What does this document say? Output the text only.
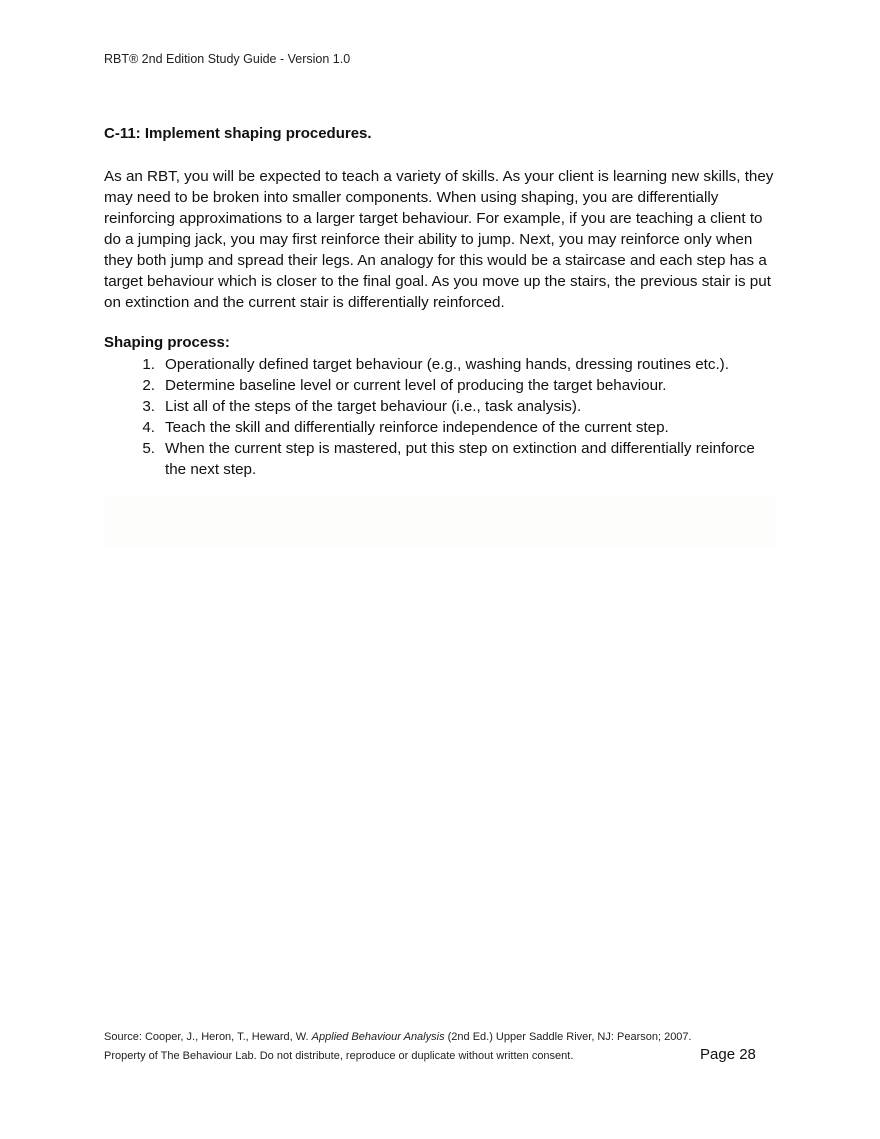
RBT® 2nd Edition Study Guide - Version 1.0
C-11: Implement shaping procedures.

As an RBT, you will be expected to teach a variety of skills. As your client is learning new skills, they may need to be broken into smaller components. When using shaping, you are differentially reinforcing approximations to a larger target behaviour. For example, if you are teaching a client to do a jumping jack, you may first reinforce their ability to jump. Next, you may reinforce only when they both jump and spread their legs. An analogy for this would be a staircase and each step has a target behaviour which is closer to the final goal. As you move up the stairs, the previous stair is put on extinction and the current stair is differentially reinforced.

Shaping process:
1. Operationally defined target behaviour (e.g., washing hands, dressing routines etc.).
2. Determine baseline level or current level of producing the target behaviour.
3. List all of the steps of the target behaviour (i.e., task analysis).
4. Teach the skill and differentially reinforce independence of the current step.
5. When the current step is mastered, put this step on extinction and differentially reinforce the next step.
Source: Cooper, J., Heron, T., Heward, W. Applied Behaviour Analysis (2nd Ed.) Upper Saddle River, NJ: Pearson; 2007.
Property of The Behaviour Lab. Do not distribute, reproduce or duplicate without written consent.	Page 28
